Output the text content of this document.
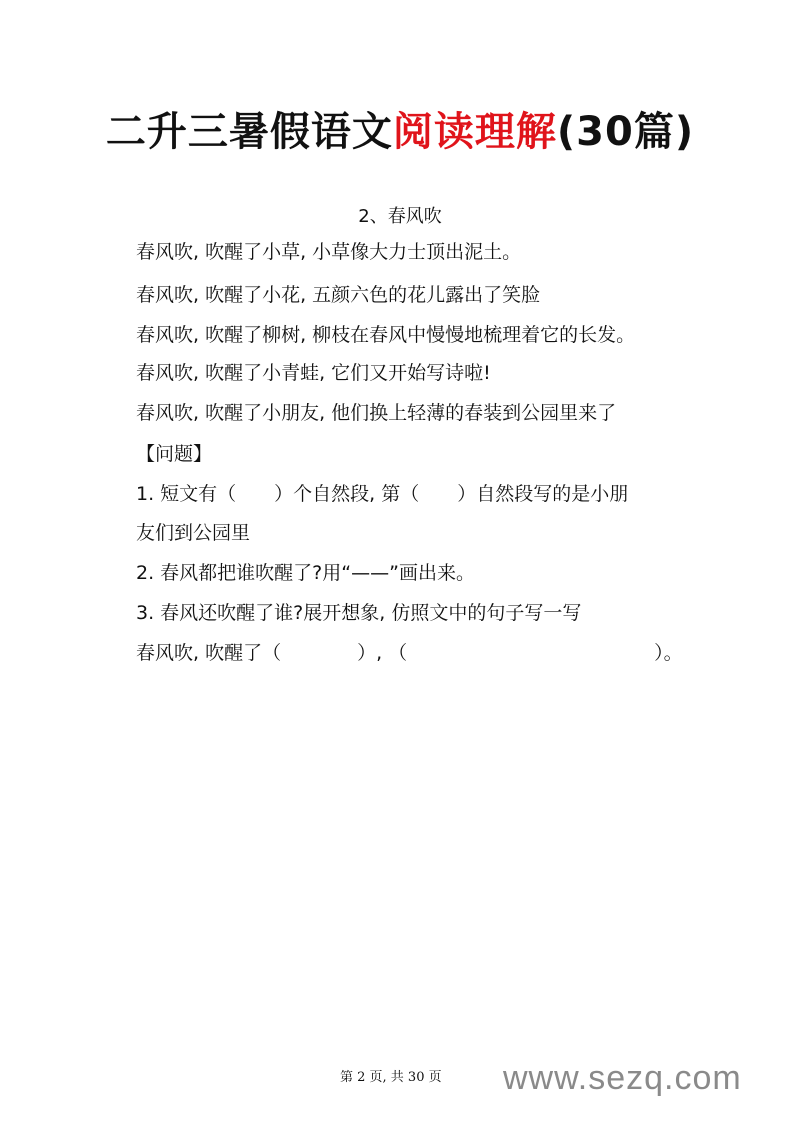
二升三暑假语文阅读理解(30篇)
2、春风吹
春风吹, 吹醒了小草, 小草像大力士顶出泥土。
春风吹, 吹醒了小花, 五颜六色的花儿露出了笑脸
春风吹, 吹醒了柳树, 柳枝在春风中慢慢地梳理着它的长发。
春风吹, 吹醒了小青蛙, 它们又开始写诗啦!
春风吹, 吹醒了小朋友, 他们换上轻薄的春装到公园里来了
【问题】
1. 短文有（　　）个自然段, 第（　　）自然段写的是小朋
友们到公园里
2. 春风都把谁吹醒了?用“——”画出来。
3. 春风还吹醒了谁?展开想象, 仿照文中的句子写一写
春风吹, 吹醒了（　　　　）, （　　　　　　　　　　　　　）。
第 2 页, 共 30 页 www.sezq.com
